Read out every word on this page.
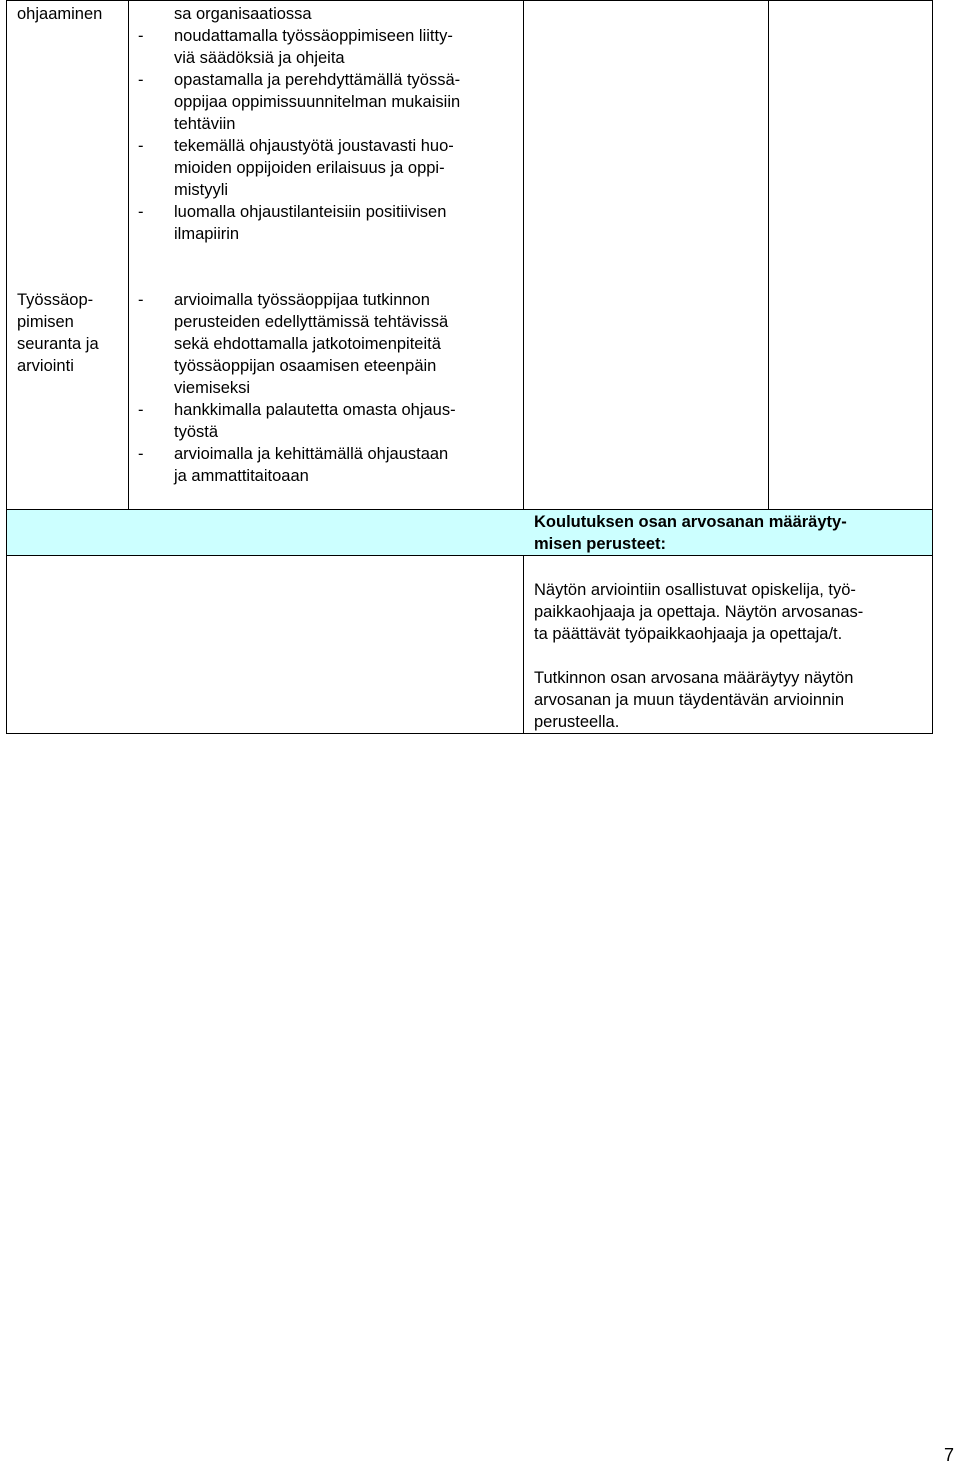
ohjaaminen	sa organisaatiossa
- noudattamalla työssäoppimiseen liitty-
viä säädöksiä ja ohjeita
- opastamalla ja perehdyttämällä työssä-
oppijaa oppimissuunnitelman mukaisiin
tehtäviin
- tekemällä ohjaustyötä joustavasti huo-
mioiden oppijoiden erilaisuus ja oppi-
mistyyli
- luomalla ohjaustilanteisiin positiivisen
ilmapiirin
Työssäop-
pimisen
seuranta ja
arviointi
- arvioimalla työssäoppijaa tutkinnon
perusteiden edellyttämissä tehtävissä
sekä ehdottamalla jatkotoimenpiteitä
työssäoppijan osaamisen eteenpäin
viemiseksi
- hankkimalla palautetta omasta ohjaus-
työstä
- arvioimalla ja kehittämällä ohjaustaan
ja ammattitaitoaan
Koulutuksen osan arvosanan määräyty-
misen perusteet:
Näytön arviointiin osallistuvat opiskelija, työ-
paikkaohjaaja ja opettaja. Näytön arvosanas-
ta päättävät työpaikkaohjaaja ja opettaja/t.
Tutkinnon osan arvosana määräytyy näytön
arvosanan ja muun täydentävän arvioinnin
perusteella.
7
